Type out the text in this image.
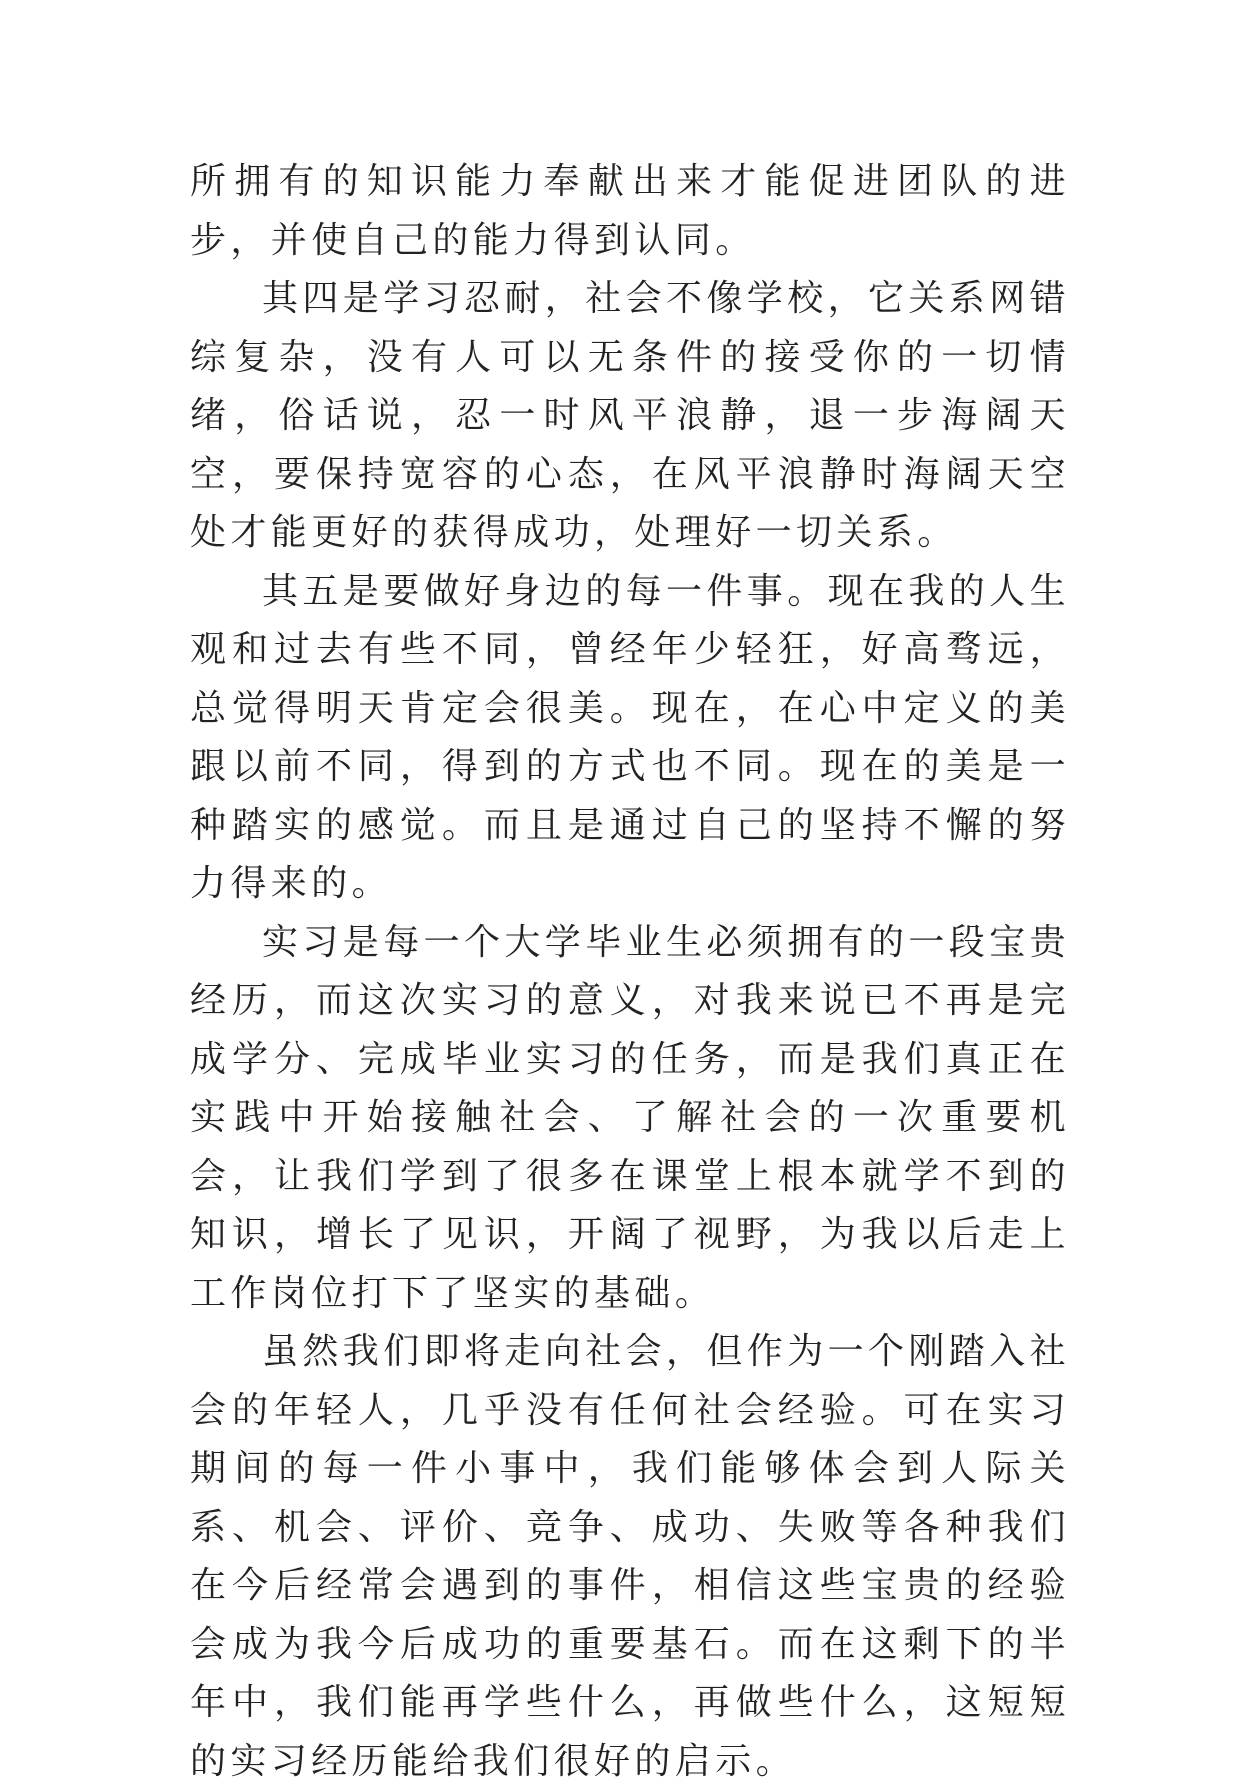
所拥有的知识能力奉献出来才能促进团队的进步，并使自己的能力得到认同。

其四是学习忍耐，社会不像学校，它关系网错综复杂，没有人可以无条件的接受你的一切情绪，俗话说，忍一时风平浪静，退一步海阔天空，要保持宽容的心态，在风平浪静时海阔天空处才能更好的获得成功，处理好一切关系。

其五是要做好身边的每一件事。现在我的人生观和过去有些不同，曾经年少轻狂，好高骛远，总觉得明天肯定会很美。现在，在心中定义的美跟以前不同，得到的方式也不同。现在的美是一种踏实的感觉。而且是通过自己的坚持不懈的努力得来的。

实习是每一个大学毕业生必须拥有的一段宝贵经历，而这次实习的意义，对我来说已不再是完成学分、完成毕业实习的任务，而是我们真正在实践中开始接触社会、了解社会的一次重要机会，让我们学到了很多在课堂上根本就学不到的知识，增长了见识，开阔了视野，为我以后走上工作岗位打下了坚实的基础。

虽然我们即将走向社会，但作为一个刚踏入社会的年轻人，几乎没有任何社会经验。可在实习期间的每一件小事中，我们能够体会到人际关系、机会、评价、竞争、成功、失败等各种我们在今后经常会遇到的事件，相信这些宝贵的经验会成为我今后成功的重要基石。而在这剩下的半年中，我们能再学些什么，再做些什么，这短短的实习经历能给我们很好的启示。
